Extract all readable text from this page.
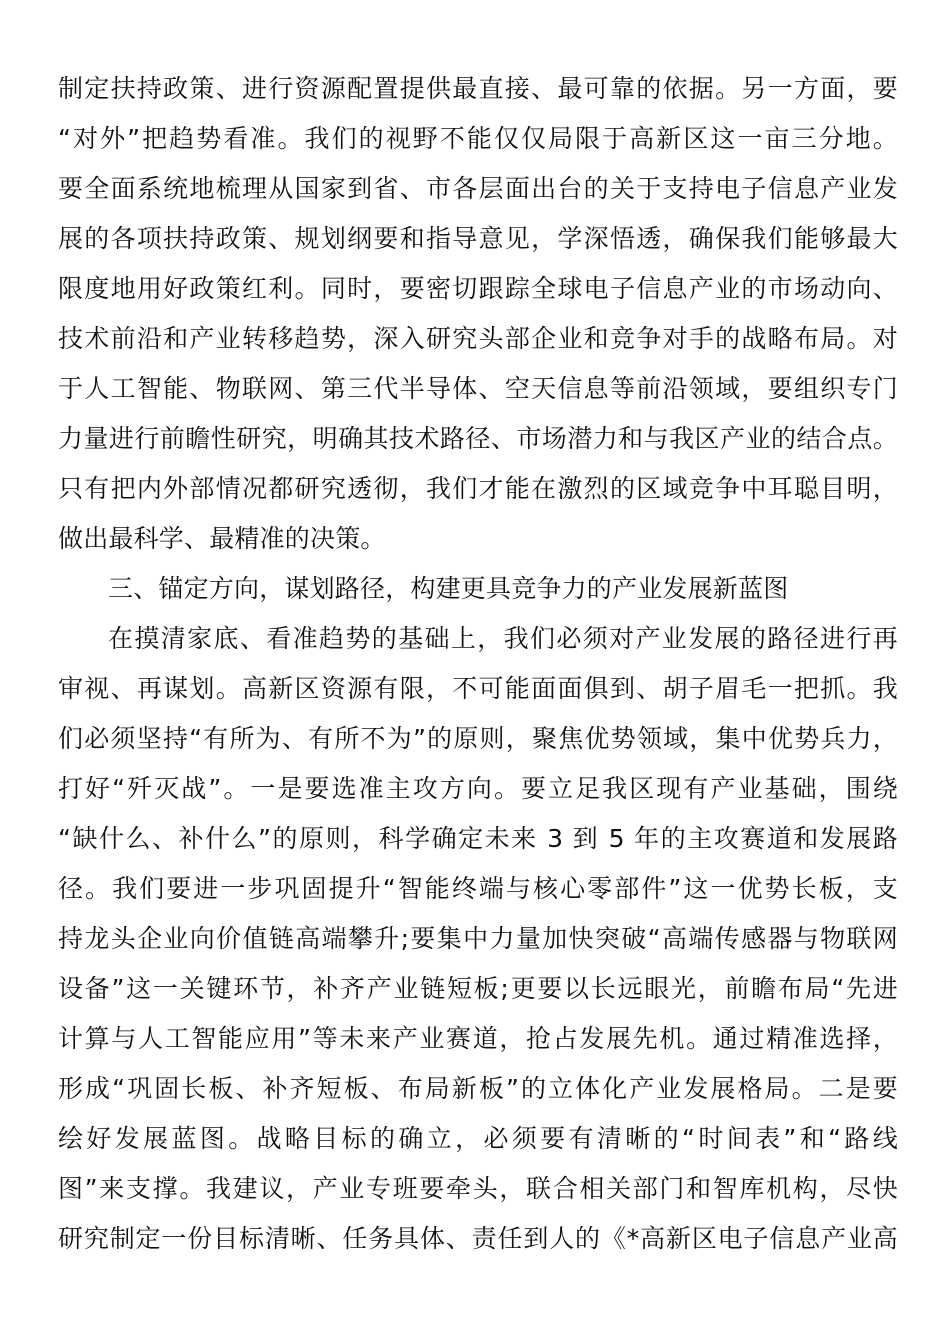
制定扶持政策、进行资源配置提供最直接、最可靠的依据。另一方面，要
“对外”把趋势看准。我们的视野不能仅仅局限于高新区这一亩三分地。
要全面系统地梳理从国家到省、市各层面出台的关于支持电子信息产业发
展的各项扶持政策、规划纲要和指导意见，学深悟透，确保我们能够最大
限度地用好政策红利。同时，要密切跟踪全球电子信息产业的市场动向、
技术前沿和产业转移趋势，深入研究头部企业和竞争对手的战略布局。对
于人工智能、物联网、第三代半导体、空天信息等前沿领域，要组织专门
力量进行前瞻性研究，明确其技术路径、市场潜力和与我区产业的结合点。
只有把内外部情况都研究透彻，我们才能在激烈的区域竞争中耳聪目明，
做出最科学、最精准的决策。
三、锚定方向，谋划路径，构建更具竞争力的产业发展新蓝图
在摸清家底、看准趋势的基础上，我们必须对产业发展的路径进行再
审视、再谋划。高新区资源有限，不可能面面俱到、胡子眉毛一把抓。我
们必须坚持“有所为、有所不为”的原则，聚焦优势领域，集中优势兵力，
打好“歼灭战”。一是要选准主攻方向。要立足我区现有产业基础，围绕
“缺什么、补什么”的原则，科学确定未来 3 到 5 年的主攻赛道和发展路
径。我们要进一步巩固提升“智能终端与核心零部件”这一优势长板，支
持龙头企业向价值链高端攀升;要集中力量加快突破“高端传感器与物联网
设备”这一关键环节，补齐产业链短板;更要以长远眼光，前瞻布局“先进
计算与人工智能应用”等未来产业赛道，抢占发展先机。通过精准选择，
形成“巩固长板、补齐短板、布局新板”的立体化产业发展格局。二是要
绘好发展蓝图。战略目标的确立，必须要有清晰的“时间表”和“路线
图”来支撑。我建议，产业专班要牵头，联合相关部门和智库机构，尽快
研究制定一份目标清晰、任务具体、责任到人的《*高新区电子信息产业高
